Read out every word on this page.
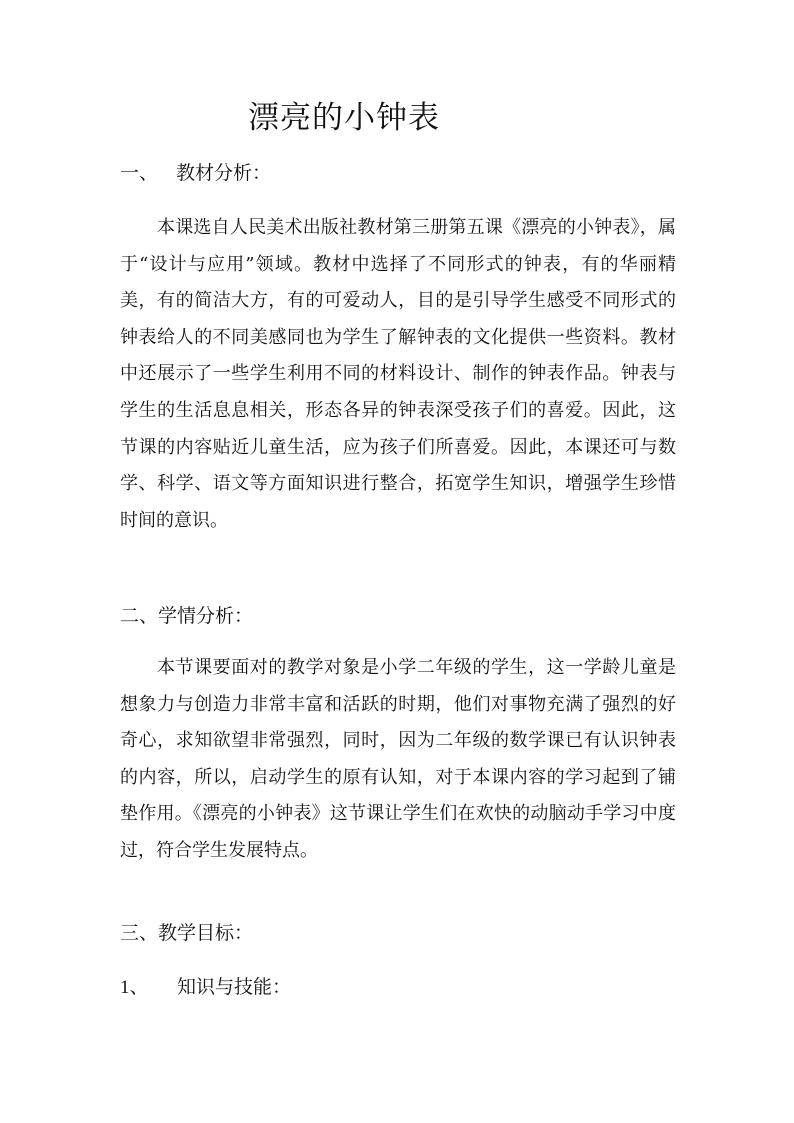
漂亮的小钟表
一、 教材分析：

本课选自人民美术出版社教材第三册第五课《漂亮的小钟表》，属于“设计与应用”领域。教材中选择了不同形式的钟表，有的华丽精美，有的简洁大方，有的可爱动人，目的是引导学生感受不同形式的钟表给人的不同美感同也为学生了解钟表的文化提供一些资料。教材中还展示了一些学生利用不同的材料设计、制作的钟表作品。钟表与学生的生活息息相关，形态各异的钟表深受孩子们的喜爱。因此，这节课的内容贴近儿童生活，应为孩子们所喜爱。因此，本课还可与数学、科学、语文等方面知识进行整合，拓宽学生知识，增强学生珍惜时间的意识。

二、学情分析：

本节课要面对的教学对象是小学二年级的学生，这一学龄儿童是想象力与创造力非常丰富和活跃的时期，他们对事物充满了强烈的好奇心，求知欲望非常强烈，同时，因为二年级的数学课已有认识钟表的内容，所以，启动学生的原有认知，对于本课内容的学习起到了铺垫作用。《漂亮的小钟表》这节课让学生们在欢快的动脑动手学习中度过，符合学生发展特点。

三、教学目标：
1、 知识与技能：
